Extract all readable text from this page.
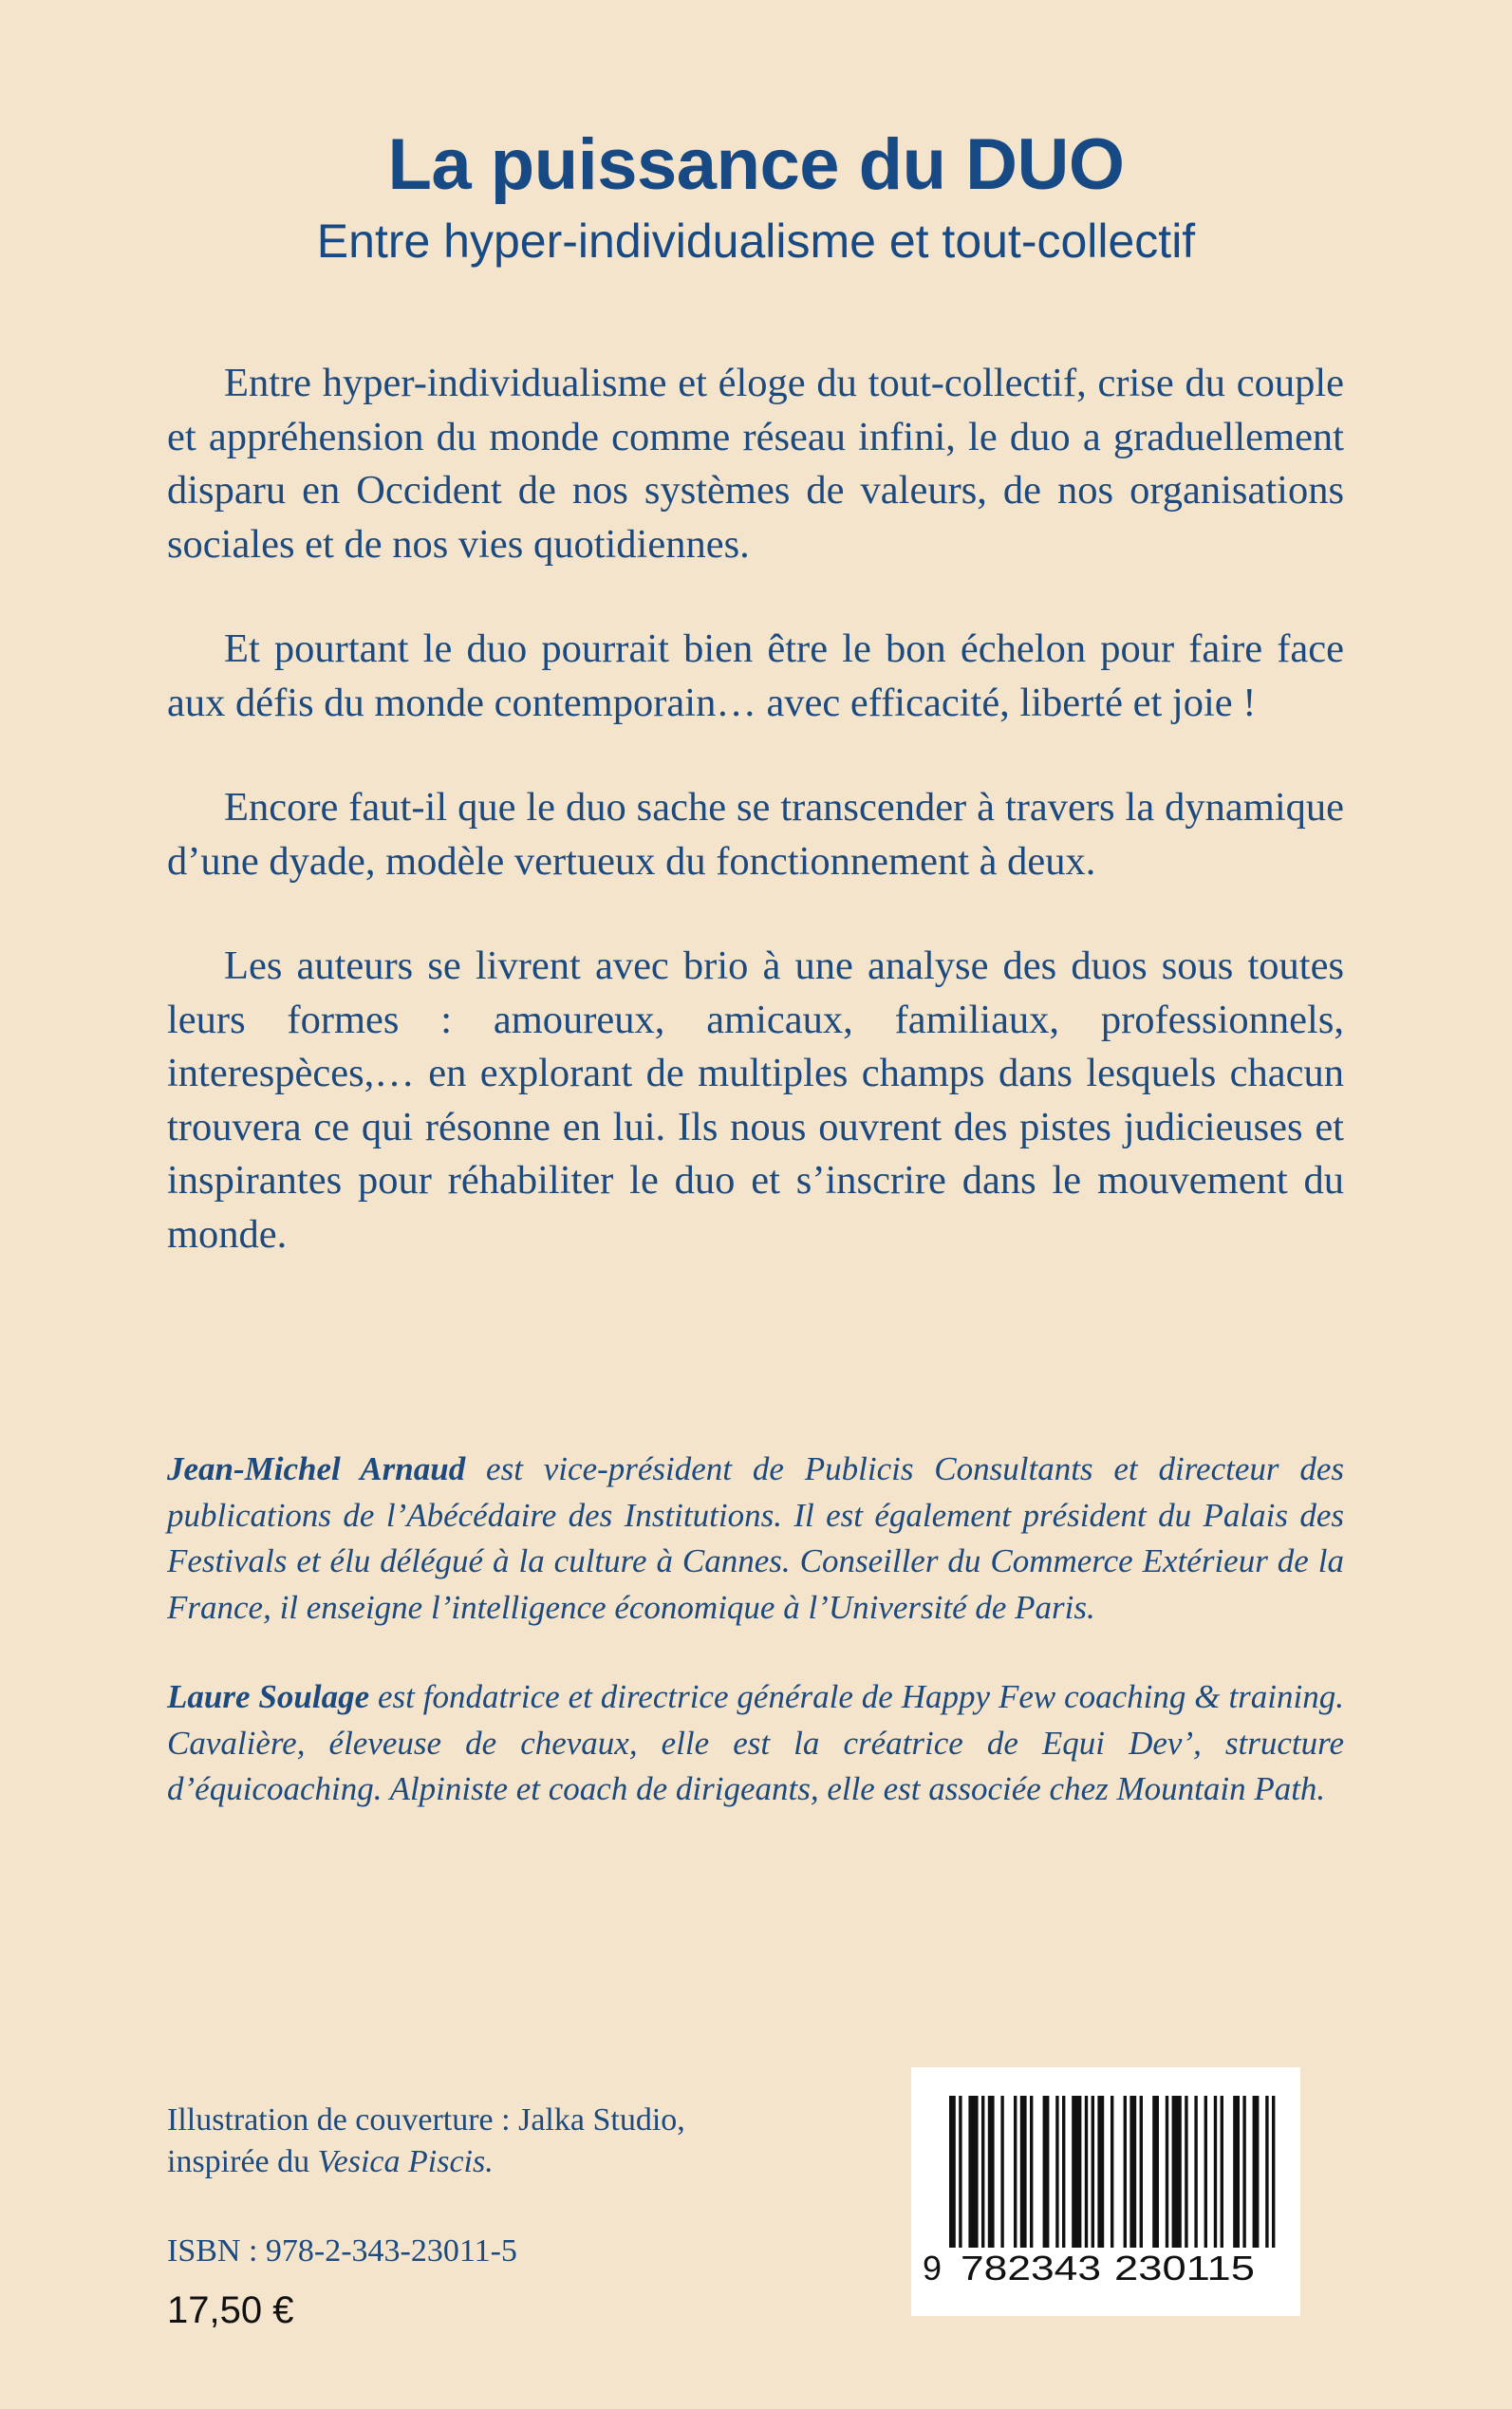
La puissance du DUO
Entre hyper-individualisme et tout-collectif

Entre hyper-individualisme et éloge du tout-collectif, crise du couple et appréhension du monde comme réseau infini, le duo a graduellement disparu en Occident de nos systèmes de valeurs, de nos organisations sociales et de nos vies quotidiennes.

Et pourtant le duo pourrait bien être le bon échelon pour faire face aux défis du monde contemporain… avec efficacité, liberté et joie !

Encore faut-il que le duo sache se transcender à travers la dynamique d’une dyade, modèle vertueux du fonctionnement à deux.

Les auteurs se livrent avec brio à une analyse des duos sous toutes leurs formes : amoureux, amicaux, familiaux, professionnels, interespèces,… en explorant de multiples champs dans lesquels chacun trouvera ce qui résonne en lui. Ils nous ouvrent des pistes judicieuses et inspirantes pour réhabiliter le duo et s’inscrire dans le mouvement du monde.

Jean-Michel Arnaud est vice-président de Publicis Consultants et directeur des publications de l’Abécédaire des Institutions. Il est également président du Palais des Festivals et élu délégué à la culture à Cannes. Conseiller du Commerce Extérieur de la France, il enseigne l’intelligence économique à l’Université de Paris.

Laure Soulage est fondatrice et directrice générale de Happy Few coaching & training. Cavalière, éleveuse de chevaux, elle est la créatrice de Equi Dev’, structure d’équicoaching. Alpiniste et coach de dirigeants, elle est associée chez Mountain Path.

Illustration de couverture : Jalka Studio,

inspirée du Vesica Piscis.

ISBN : 978-2-343-23011-5
17,50 €
9 782343 230115
